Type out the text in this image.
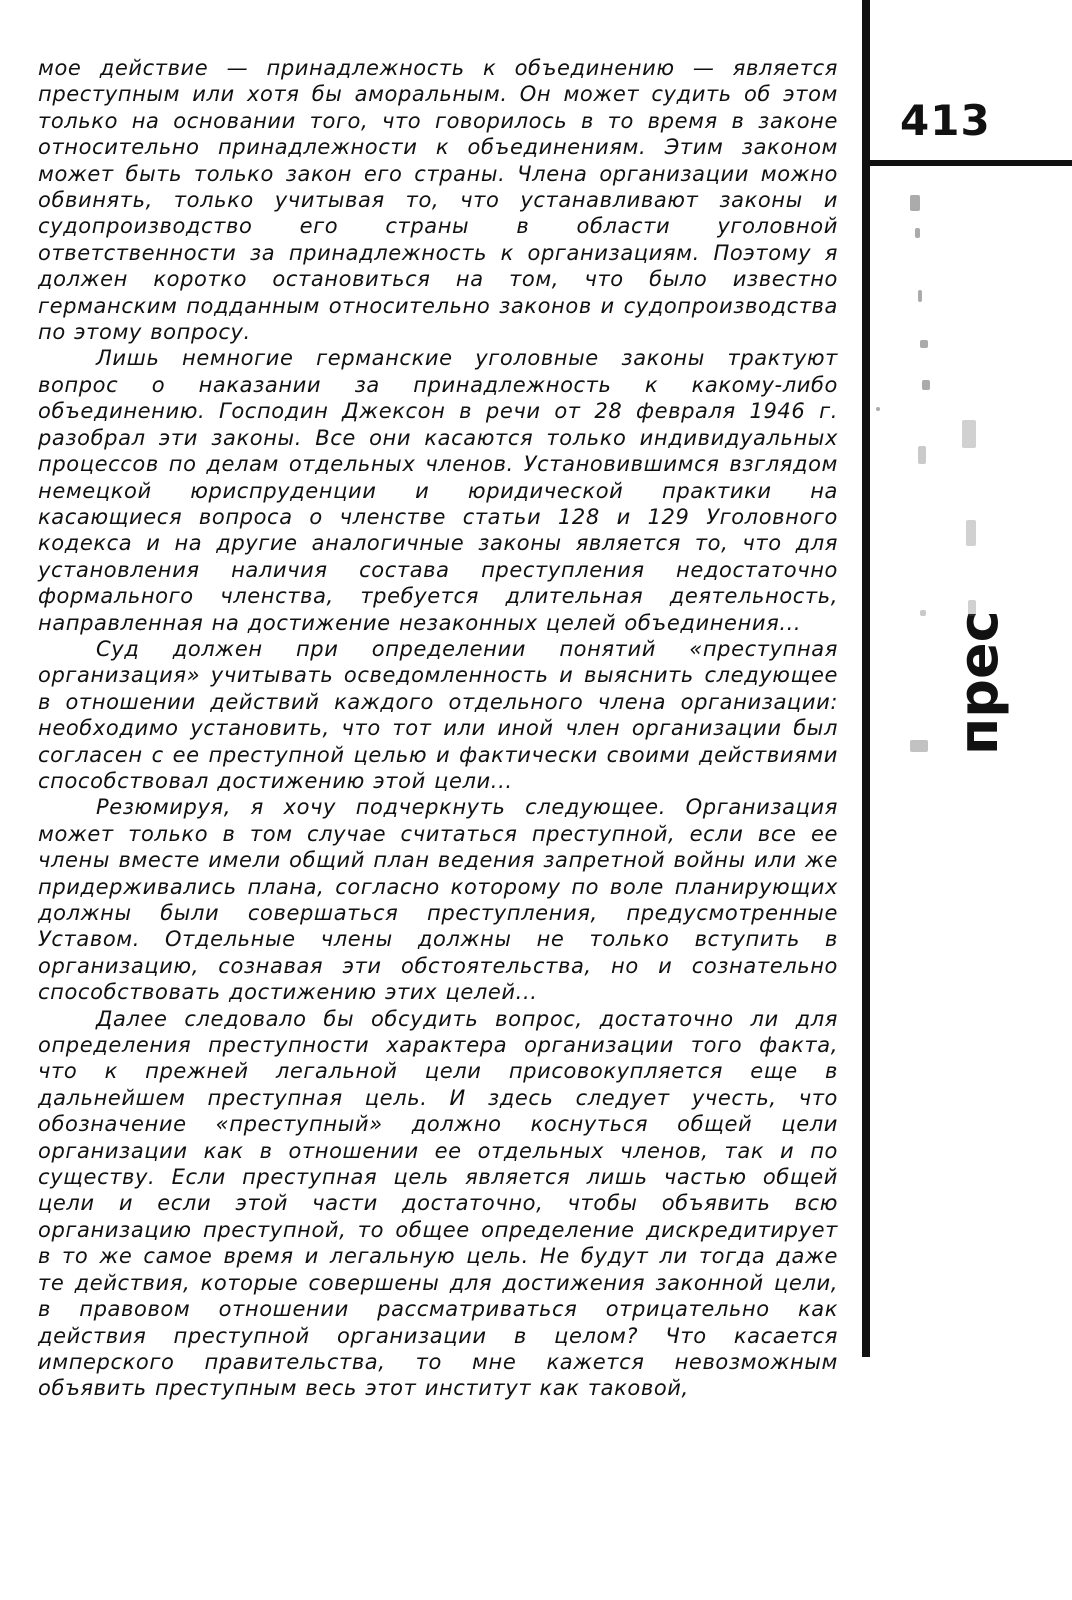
мое действие — принадлежность к объединению — является преступным или хотя бы аморальным. Он может судить об этом только на основании того, что говорилось в то время в законе относительно принадлежности к объединениям. Этим законом может быть только закон его страны. Члена организации можно обвинять, только учитывая то, что устанавливают законы и судопроизводство его страны в области уголовной ответственности за принадлежность к организациям. Поэтому я должен коротко остановиться на том, что было известно германским подданным относительно законов и судопроизводства по этому вопросу.

Лишь немногие германские уголовные законы трактуют вопрос о наказании за принадлежность к какому-либо объединению. Господин Джексон в речи от 28 февраля 1946 г. разобрал эти законы. Все они касаются только индивидуальных процессов по делам отдельных членов. Установившимся взглядом немецкой юриспруденции и юридической практики на касающиеся вопроса о членстве статьи 128 и 129 Уголовного кодекса и на другие аналогичные законы является то, что для установления наличия состава преступления недостаточно формального членства, требуется длительная деятельность, направленная на достижение незаконных целей объединения...

Суд должен при определении понятий «преступная организация» учитывать осведомленность и выяснить следующее в отношении действий каждого отдельного члена организации: необходимо установить, что тот или иной член организации был согласен с ее преступной целью и фактически своими действиями способствовал достижению этой цели...

Резюмируя, я хочу подчеркнуть следующее. Организация может только в том случае считаться преступной, если все ее члены вместе имели общий план ведения запретной войны или же придерживались плана, согласно которому по воле планирующих должны были совершаться преступления, предусмотренные Уставом. Отдельные члены должны не только вступить в организацию, сознавая эти обстоятельства, но и сознательно способствовать достижению этих целей...

Далее следовало бы обсудить вопрос, достаточно ли для определения преступности характера организации того факта, что к прежней легальной цели присовокупляется еще в дальнейшем преступная цель. И здесь следует учесть, что обозначение «преступный» должно коснуться общей цели организации как в отношении ее отдельных членов, так и по существу. Если преступная цель является лишь частью общей цели и если этой части достаточно, чтобы объявить всю организацию преступной, то общее определение дискредитирует в то же самое время и легальную цель. Не будут ли тогда даже те действия, которые совершены для достижения законной цели, в правовом отношении рассматриваться отрицательно как действия преступной организации в целом? Что касается имперского правительства, то мне кажется невозможным объявить преступным весь этот институт как таковой,

413
прес
